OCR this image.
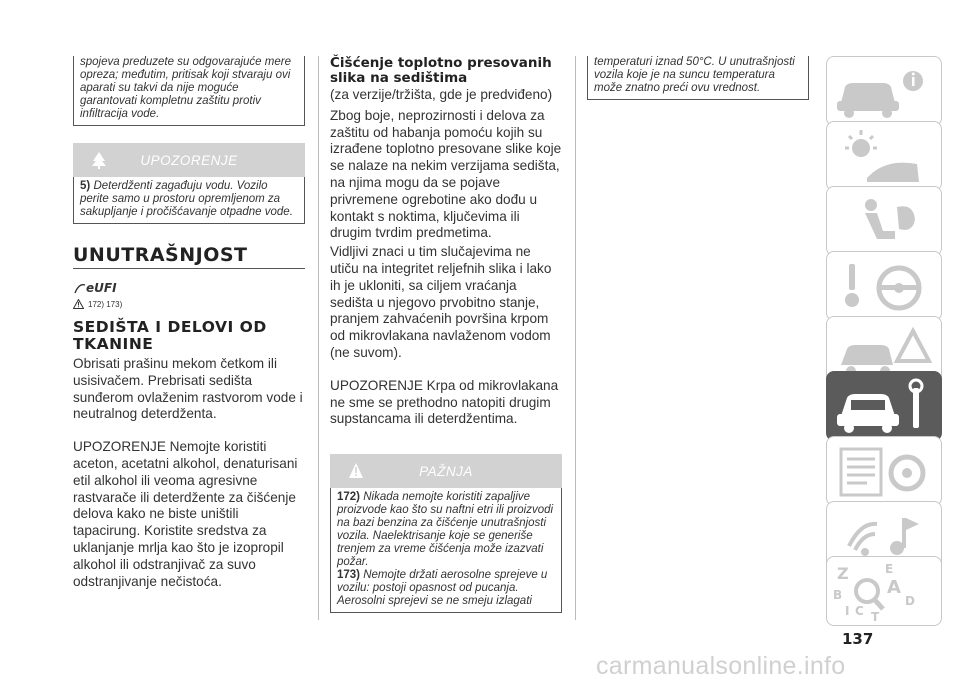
spojeva preduzete su odgovarajuće mere opreza; međutim, pritisak koji stvaraju ovi aparati su takvi da nije moguće garantovati kompletnu zaštitu protiv infiltracija vode.

UPOZORENJE

5) Deterdženti zagađuju vodu. Vozilo perite samo u prostoru opremljenom za sakupljanje i pročišćavanje otpadne vode.

UNUTRAŠNJOST
eUFI
172) 173)
SEDIŠTA I DELOVI OD TKANINE

Obrisati prašinu mekom četkom ili usisivačem. Prebrisati sedišta sunđerom ovlaženim rastvorom vode i neutralnog deterdženta.

UPOZORENJE Nemojte koristiti aceton, acetatni alkohol, denaturisani etil alkohol ili veoma agresivne rastvarače ili deterdžente za čišćenje delova kako ne biste uništili tapacirung. Koristite sredstva za uklanjanje mrlja kao što je izopropil alkohol ili odstranjivač za suvo odstranjivanje nečistoća.

Čišćenje toplotno presovanih slika na sedištima

(za verzije/tržišta, gde je predviđeno)

Zbog boje, neprozirnosti i delova za zaštitu od habanja pomoću kojih su izrađene toplotno presovane slike koje se nalaze na nekim verzijama sedišta, na njima mogu da se pojave privremene ogrebotine ako dođu u kontakt s noktima, ključevima ili drugim tvrdim predmetima.

Vidljivi znaci u tim slučajevima ne utiču na integritet reljefnih slika i lako ih je ukloniti, sa ciljem vraćanja sedišta u njegovo prvobitno stanje, pranjem zahvaćenih površina krpom od mikrovlakana navlaženom vodom (ne suvom).

UPOZORENJE Krpa od mikrovlakana ne sme se prethodno natopiti drugim supstancama ili deterdžentima.

PAŽNJA

172) Nikada nemojte koristiti zapaljive proizvode kao što su naftni etri ili proizvodi na bazi benzina za čišćenje unutrašnjosti vozila. Naelektrisanje koje se generiše trenjem za vreme čišćenja može izazvati požar.

173) Nemojte držati aerosolne sprejeve u vozilu: postoji opasnost od pucanja. Aerosolni sprejevi se ne smeju izlagati

temperaturi iznad 50°C. U unutrašnjosti vozila koje je na suncu temperatura može znatno preći ovu vrednost.

Z	E
B A
I C T
D
137
carmanualsonline.info
